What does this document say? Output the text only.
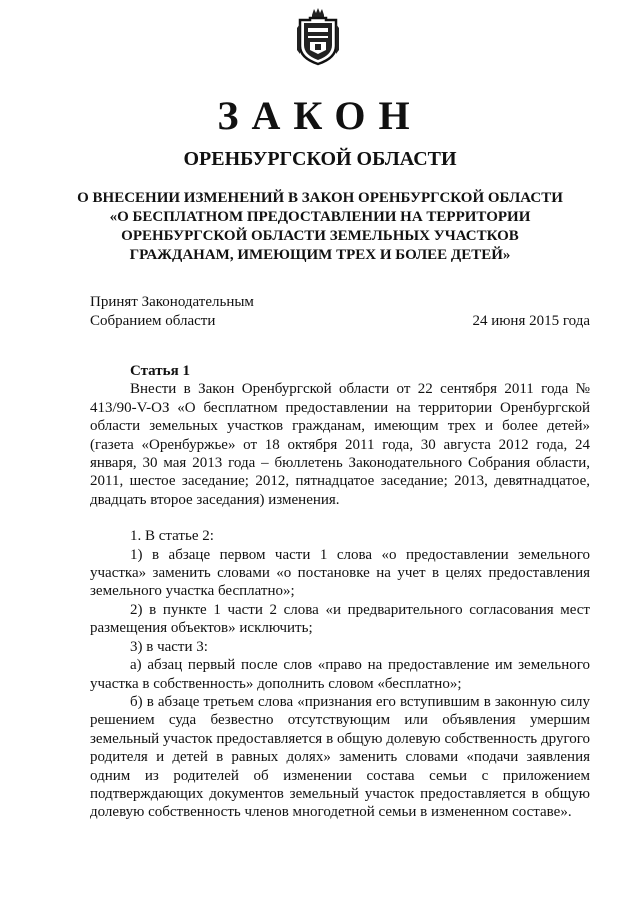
ЗАКОН
ОРЕНБУРГСКОЙ ОБЛАСТИ
О ВНЕСЕНИИ ИЗМЕНЕНИЙ В ЗАКОН ОРЕНБУРГСКОЙ ОБЛАСТИ
«О БЕСПЛАТНОМ ПРЕДОСТАВЛЕНИИ НА ТЕРРИТОРИИ
ОРЕНБУРГСКОЙ ОБЛАСТИ ЗЕМЕЛЬНЫХ УЧАСТКОВ
ГРАЖДАНАМ, ИМЕЮЩИМ ТРЕХ И БОЛЕЕ ДЕТЕЙ»
Принят Законодательным
Собранием области	24 июня 2015 года
Статья 1

Внести в Закон Оренбургской области от 22 сентября 2011 года № 413/90-V-ОЗ «О бесплатном предоставлении на территории Оренбургской области земельных участков гражданам, имеющим трех и более детей» (газета «Оренбуржье» от 18 октября 2011 года, 30 августа 2012 года, 24 января, 30 мая 2013 года – бюллетень Законодательного Собрания области, 2011, шестое заседание; 2012, пятнадцатое заседание; 2013, девятнадцатое, двадцать второе заседания) изменения.

1. В статье 2:

1) в абзаце первом части 1 слова «о предоставлении земельного участка» заменить словами «о постановке на учет в целях предоставления земельного участка бесплатно»;

2) в пункте 1 части 2 слова «и предварительного согласования мест размещения объектов» исключить;

3) в части 3:

а) абзац первый после слов «право на предоставление им земельного участка в собственность» дополнить словом «бесплатно»;

б) в абзаце третьем слова «признания его вступившим в законную силу решением суда безвестно отсутствующим или объявления умершим земельный участок предоставляется в общую долевую собственность другого родителя и детей в равных долях» заменить словами «подачи заявления одним из родителей об изменении состава семьи с приложением подтверждающих документов земельный участок предоставляется в общую долевую собственность членов многодетной семьи в измененном составе».
